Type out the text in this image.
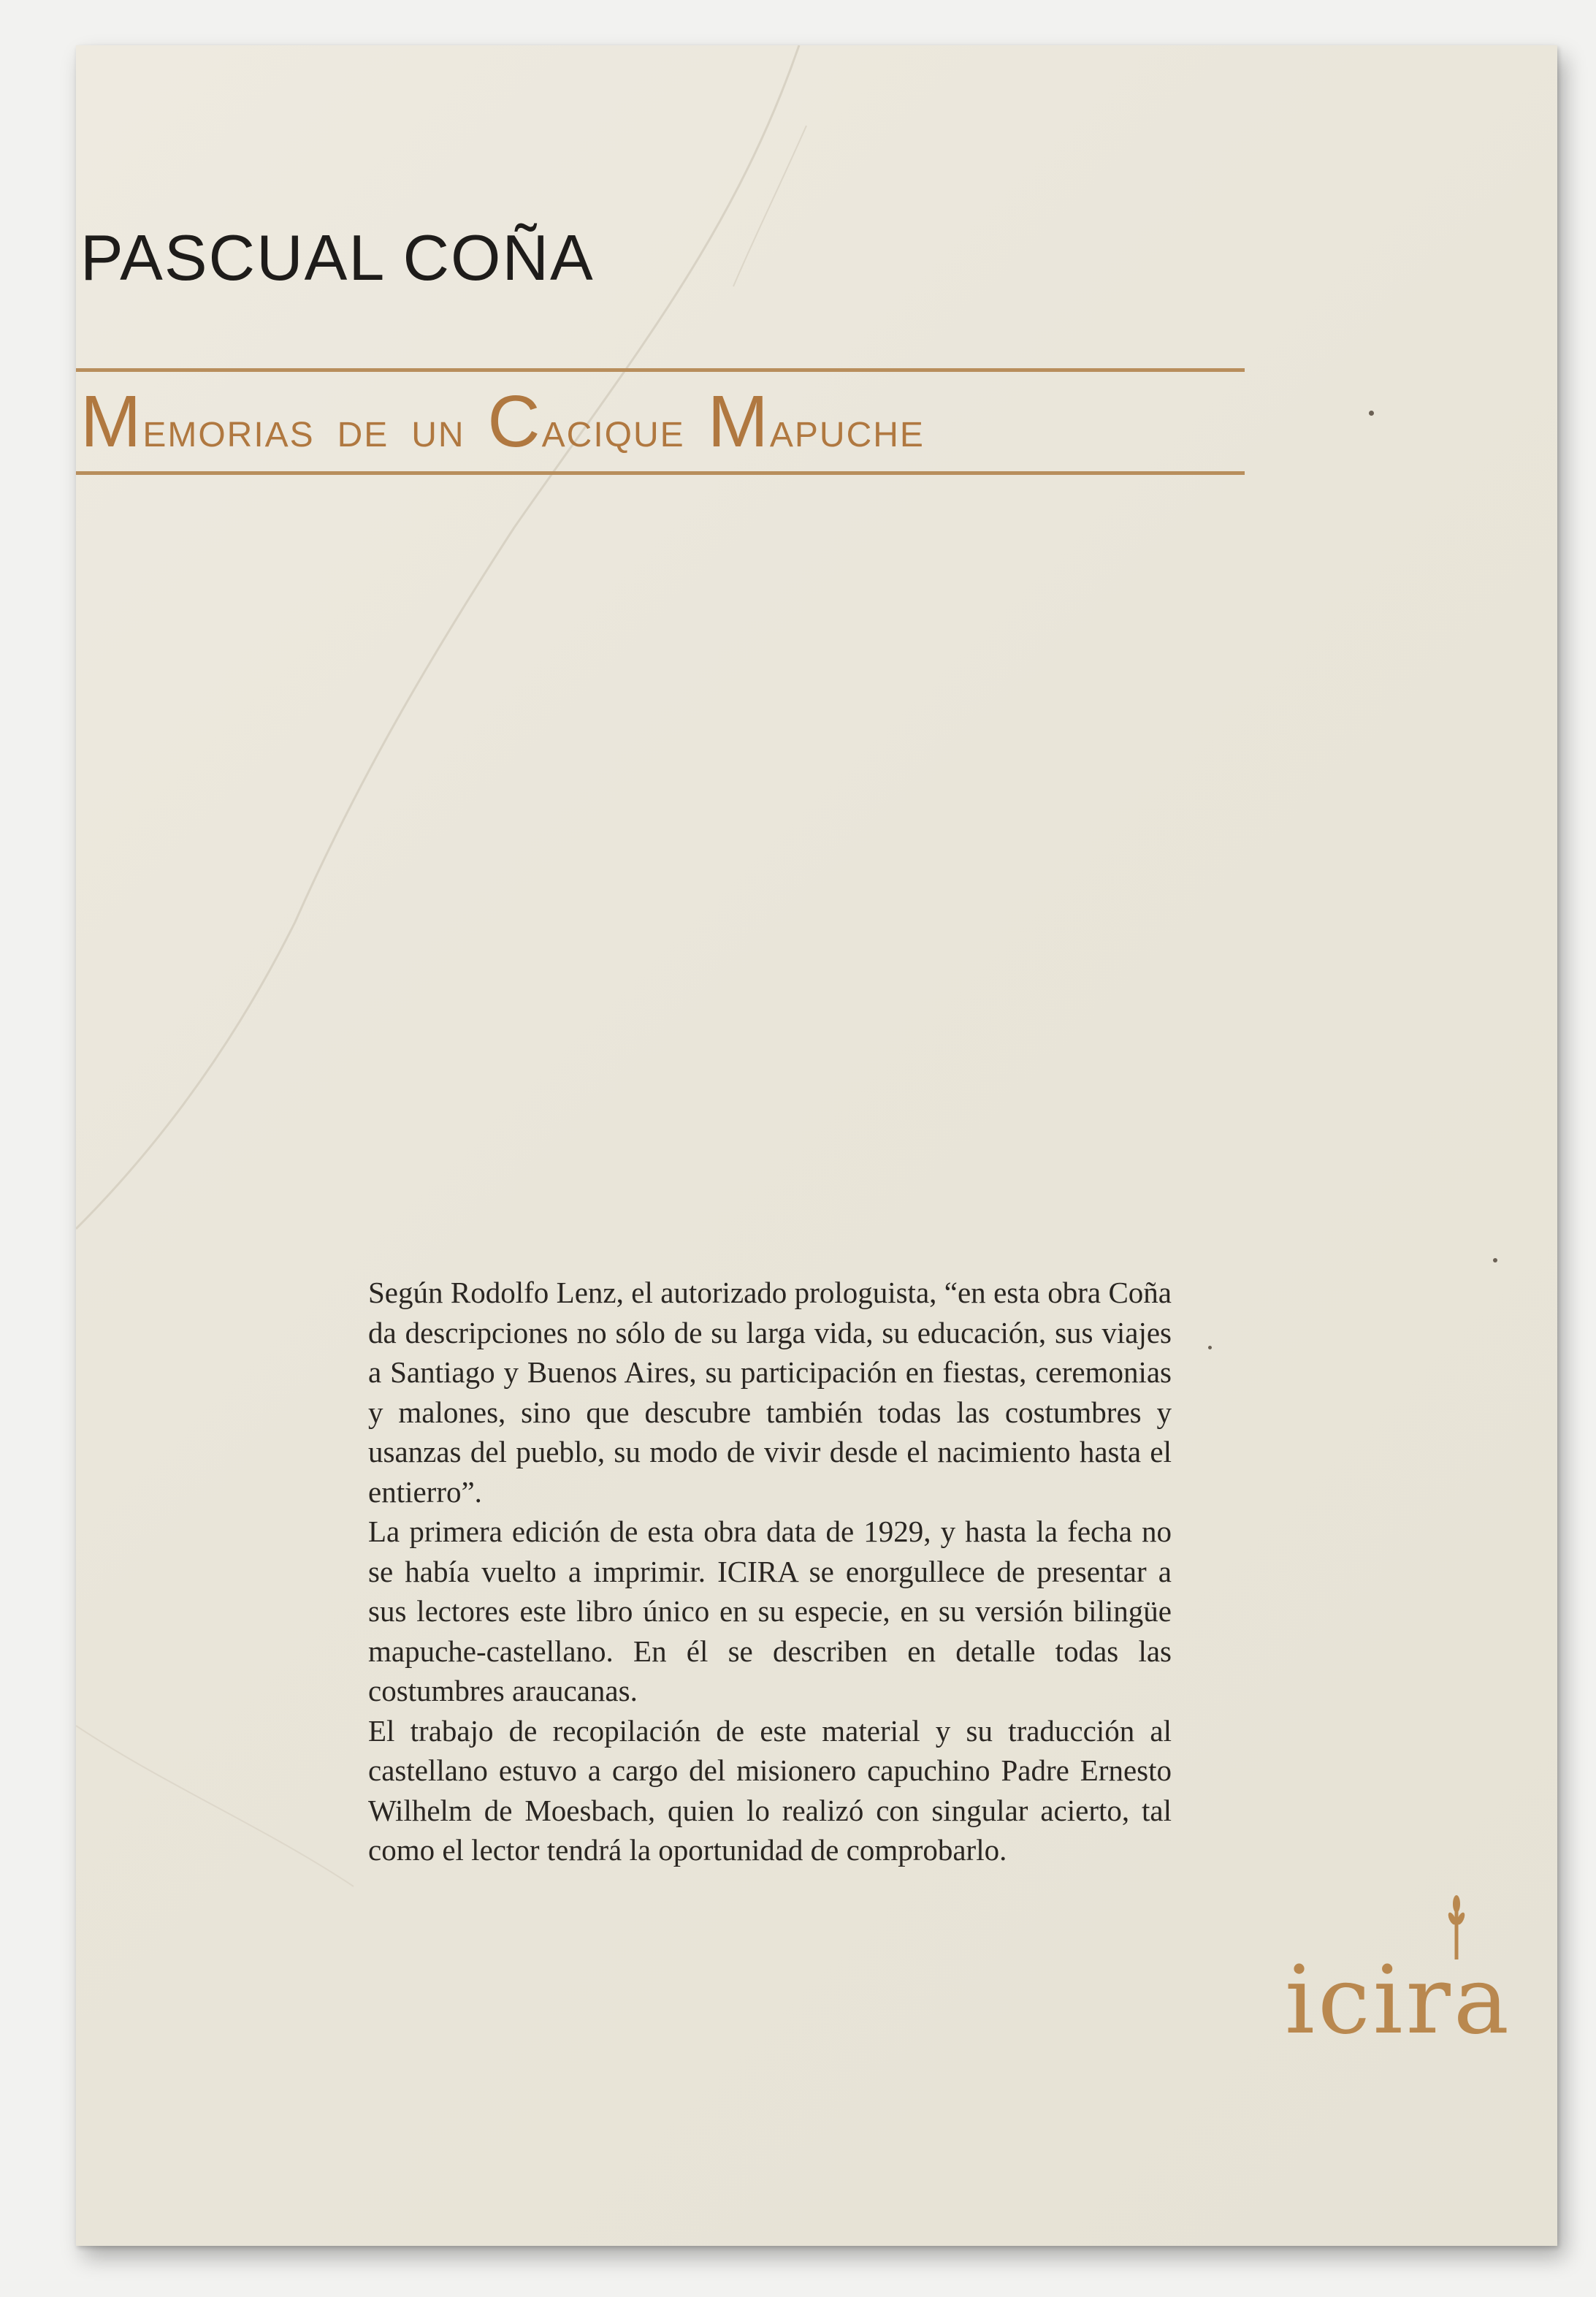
PASCUAL COÑA
Memorias de un Cacique Mapuche

Según Rodolfo Lenz, el autorizado prologuista, “en esta obra Coña da descripciones no sólo de su larga vida, su educación, sus viajes a Santiago y Buenos Aires, su participación en fiestas, ceremonias y malones, sino que descubre también todas las costumbres y usanzas del pueblo, su modo de vivir desde el nacimiento hasta el entierro”.

La primera edición de esta obra data de 1929, y hasta la fecha no se había vuelto a imprimir. ICIRA se enorgullece de presentar a sus lectores este libro único en su especie, en su versión bilingüe mapuche-castellano. En él se describen en detalle todas las costumbres araucanas.

El trabajo de recopilación de este material y su traducción al castellano estuvo a cargo del misionero capuchino Padre Ernesto Wilhelm de Moesbach, quien lo realizó con singular acierto, tal como el lector tendrá la oportunidad de comprobarlo.

icira
